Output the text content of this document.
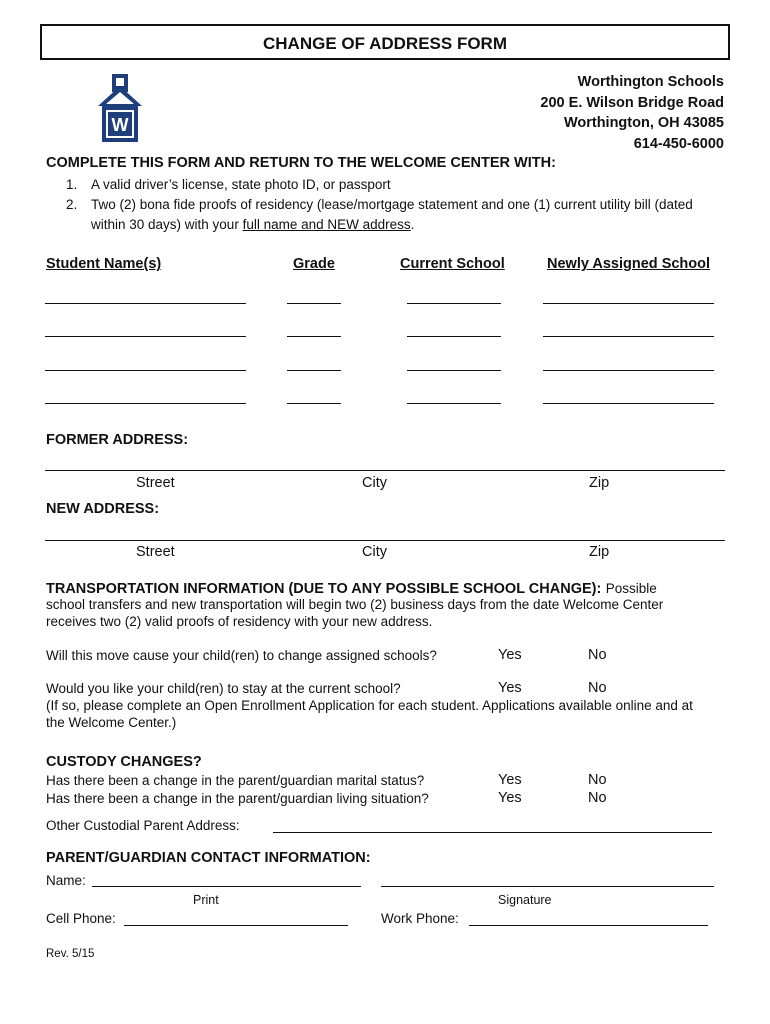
CHANGE OF ADDRESS FORM
W
Worthington Schools
200 E. Wilson Bridge Road
Worthington, OH 43085
614-450-6000
COMPLETE THIS FORM AND RETURN TO THE WELCOME CENTER WITH:
1. A valid driver’s license, state photo ID, or passport
2. Two (2) bona fide proofs of residency (lease/mortgage statement and one (1) current utility bill (dated
within 30 days) with your full name and NEW address.
Student Name(s)	Grade	Current School	Newly Assigned School
FORMER ADDRESS:
Street	City	Zip
NEW ADDRESS:
Street	City	Zip
TRANSPORTATION INFORMATION (DUE TO ANY POSSIBLE SCHOOL CHANGE): Possible
school transfers and new transportation will begin two (2) business days from the date Welcome Center
receives two (2) valid proofs of residency with your new address.
Will this move cause your child(ren) to change assigned schools?	Yes	No
Would you like your child(ren) to stay at the current school?	Yes	No
(If so, please complete an Open Enrollment Application for each student. Applications available online and at
the Welcome Center.)
CUSTODY CHANGES?
Has there been a change in the parent/guardian marital status?	Yes	No
Has there been a change in the parent/guardian living situation?	Yes	No
Other Custodial Parent Address:
PARENT/GUARDIAN CONTACT INFORMATION:
Name:
Print	Signature
Cell Phone:	Work Phone:
Rev. 5/15
